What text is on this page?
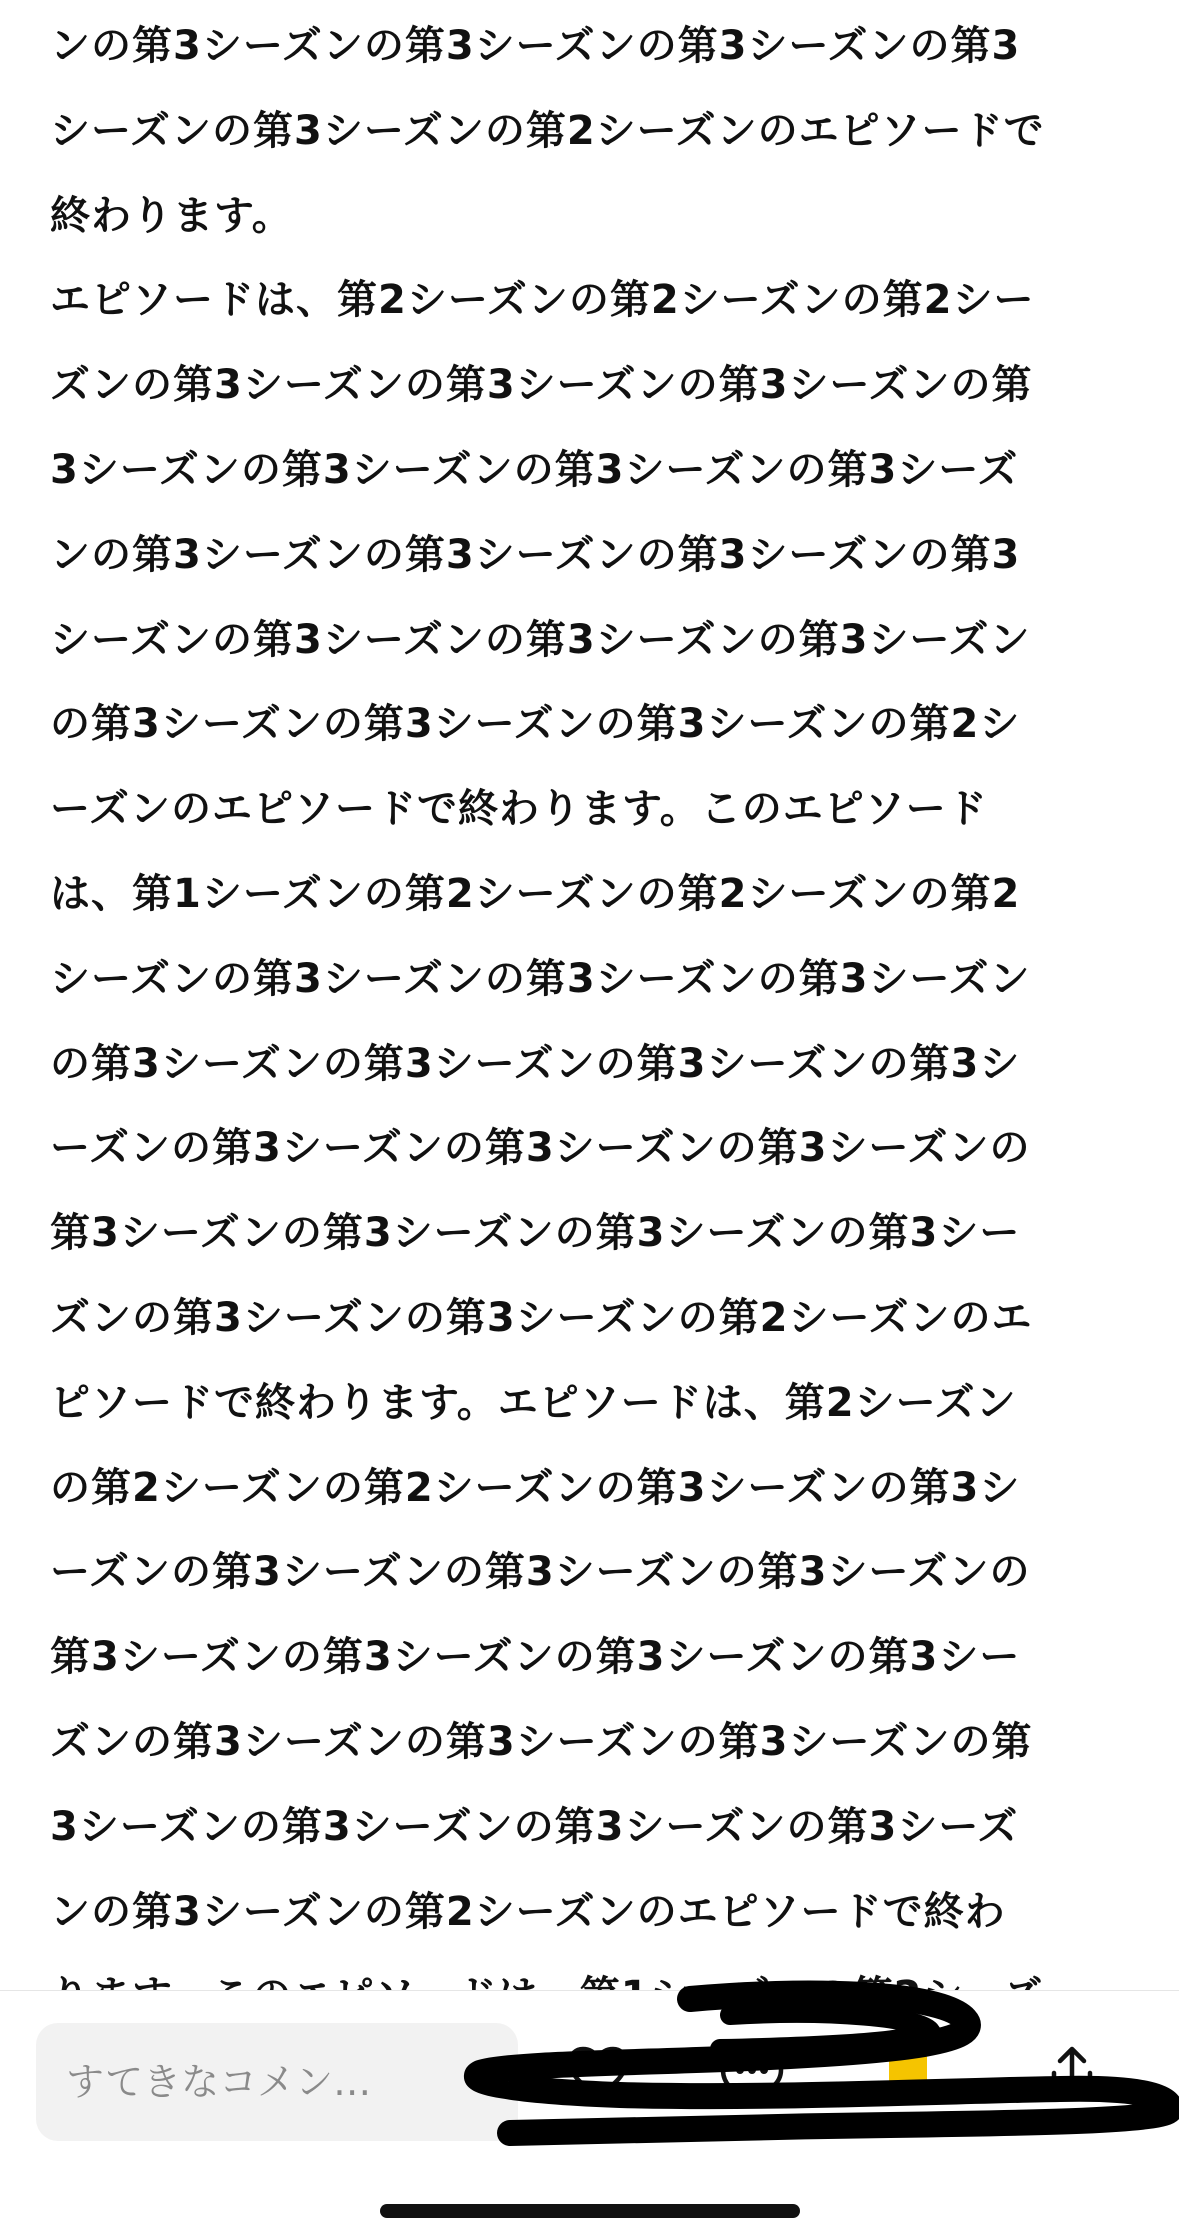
ンの第3シーズンの第3シーズンの第3シーズンの第3
シーズンの第3シーズンの第2シーズンのエピソードで
終わります。
エピソードは、第2シーズンの第2シーズンの第2シー
ズンの第3シーズンの第3シーズンの第3シーズンの第
3シーズンの第3シーズンの第3シーズンの第3シーズ
ンの第3シーズンの第3シーズンの第3シーズンの第3
シーズンの第3シーズンの第3シーズンの第3シーズン
の第3シーズンの第3シーズンの第3シーズンの第2シ
ーズンのエピソードで終わります。このエピソード
は、第1シーズンの第2シーズンの第2シーズンの第2
シーズンの第3シーズンの第3シーズンの第3シーズン
の第3シーズンの第3シーズンの第3シーズンの第3シ
ーズンの第3シーズンの第3シーズンの第3シーズンの
第3シーズンの第3シーズンの第3シーズンの第3シー
ズンの第3シーズンの第3シーズンの第2シーズンのエ
ピソードで終わります。エピソードは、第2シーズン
の第2シーズンの第2シーズンの第3シーズンの第3シ
ーズンの第3シーズンの第3シーズンの第3シーズンの
第3シーズンの第3シーズンの第3シーズンの第3シー
ズンの第3シーズンの第3シーズンの第3シーズンの第
3シーズンの第3シーズンの第3シーズンの第3シーズ
ンの第3シーズンの第2シーズンのエピソードで終わ
すてきなコメン…
